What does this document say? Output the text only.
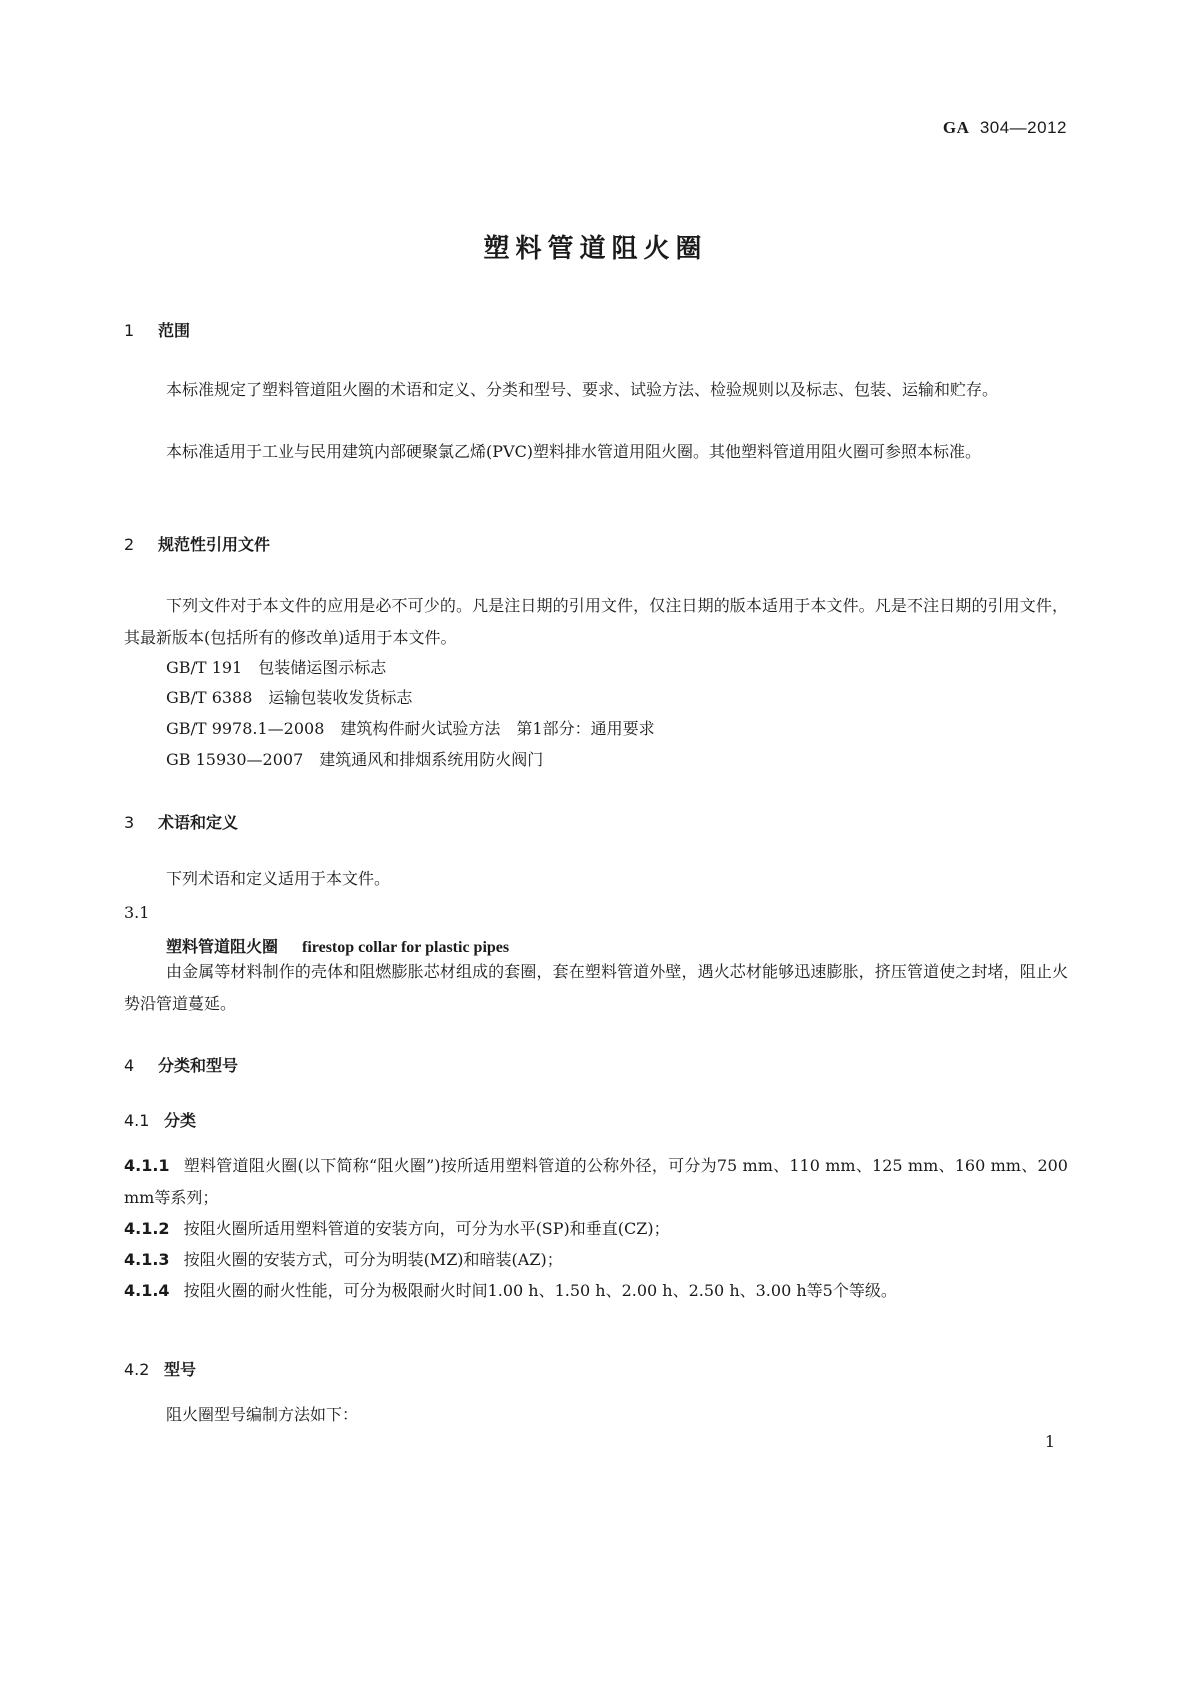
GA 304—2012
塑料管道阻火圈
1 范围
本标准规定了塑料管道阻火圈的术语和定义、分类和型号、要求、试验方法、检验规则以及标志、包装、运输和贮存。
本标准适用于工业与民用建筑内部硬聚氯乙烯(PVC)塑料排水管道用阻火圈。其他塑料管道用阻火圈可参照本标准。
2 规范性引用文件
下列文件对于本文件的应用是必不可少的。凡是注日期的引用文件，仅注日期的版本适用于本文件。凡是不注日期的引用文件，其最新版本(包括所有的修改单)适用于本文件。
GB/T 191 包装储运图示标志
GB/T 6388 运输包装收发货标志
GB/T 9978.1—2008 建筑构件耐火试验方法　第1部分：通用要求
GB 15930—2007 建筑通风和排烟系统用防火阀门
3 术语和定义
下列术语和定义适用于本文件。
3.1
塑料管道阻火圈 firestop collar for plastic pipes
由金属等材料制作的壳体和阻燃膨胀芯材组成的套圈，套在塑料管道外壁，遇火芯材能够迅速膨胀，挤压管道使之封堵，阻止火势沿管道蔓延。
4 分类和型号
4.1 分类
4.1.1 塑料管道阻火圈(以下简称“阻火圈”)按所适用塑料管道的公称外径，可分为75 mm、110 mm、125 mm、160 mm、200 mm等系列；
4.1.2 按阻火圈所适用塑料管道的安装方向，可分为水平(SP)和垂直(CZ)；
4.1.3 按阻火圈的安装方式，可分为明装(MZ)和暗装(AZ)；
4.1.4 按阻火圈的耐火性能，可分为极限耐火时间1.00 h、1.50 h、2.00 h、2.50 h、3.00 h等5个等级。
4.2 型号
阻火圈型号编制方法如下：
1
